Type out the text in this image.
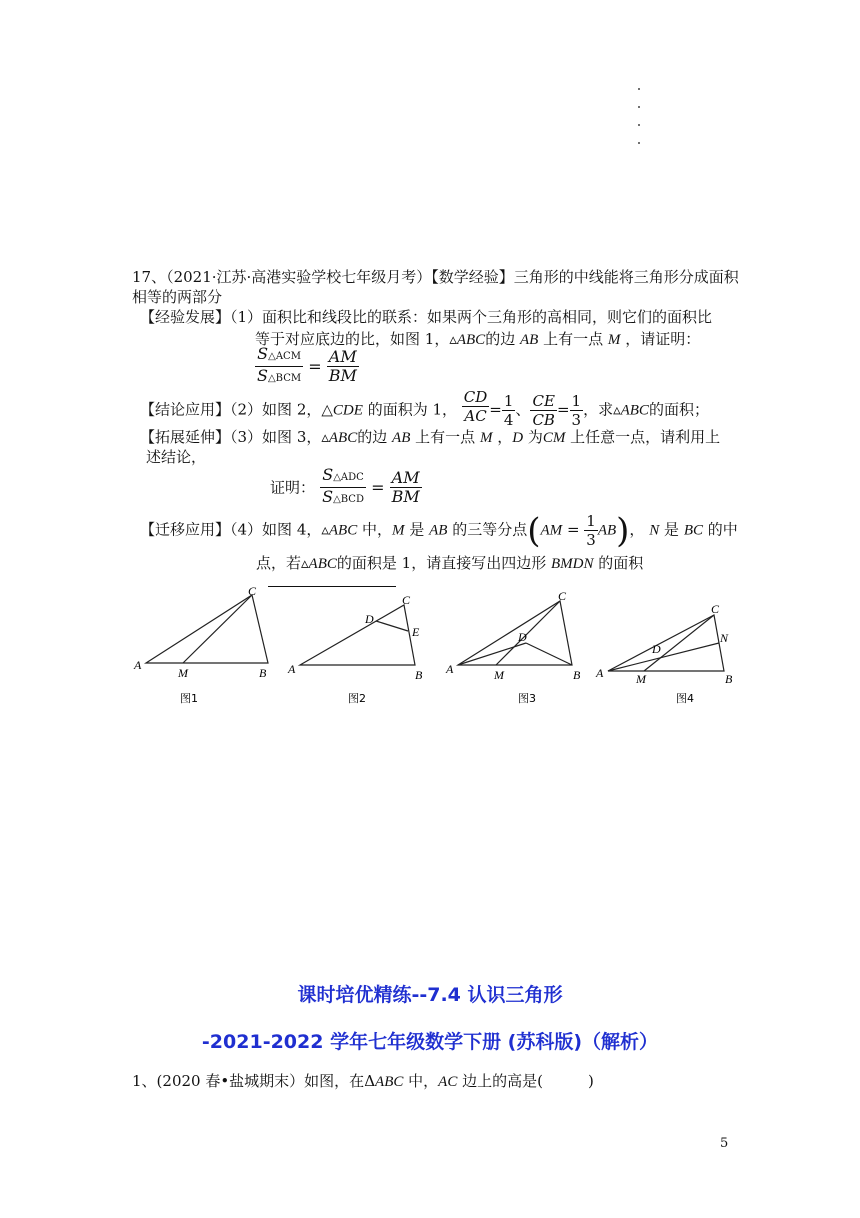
17、（2021·江苏·高港实验学校七年级月考）【数学经验】三角形的中线能将三角形分成面积
相等的两部分
【经验发展】（1）面积比和线段比的联系：如果两个三角形的高相同，则它们的面积比
等于对应底边的比，如图 1，▵ABC的边 AB 上有一点 M ，请证明：
$\frac{\text{S△ACM}}{\text{S△BCM}} = \frac{AM}{BM}$
【结论应用】（2）如图 2，△CDE 的面积为 1， $\frac{CD}{AC} = \frac{1}{4}$ 、 $\frac{CE}{CB} = \frac{1}{3}$ ，求▵ABC的面积；
【拓展延伸】（3）如图 3，▵ABC的边 AB 上有一点 M ，D 为CM 上任意一点，请利用上
述结论，
证明： $\frac{\text{S△ADC}}{\text{S△BCD}} = \frac{AM}{BM}$
【迁移应用】（4）如图 4，▵ABC 中，M 是 AB 的三等分点$(AM = \frac{1}{3} AB)$， N 是 BC 的中
点，若▵ABC的面积是 1，请直接写出四边形 BMDN 的面积
A
C
B
M
图1
A
C
D
E
B
图2
A
C
D
B
M
图3
A
C
D
N
B
M
图4
课时培优精练--7.4 认识三角形
-2021-2022 学年七年级数学下册 (苏科版)（解析）
1、(2020 春•盐城期末）如图，在ΔABC 中，AC 边上的高是(　　　)
5
